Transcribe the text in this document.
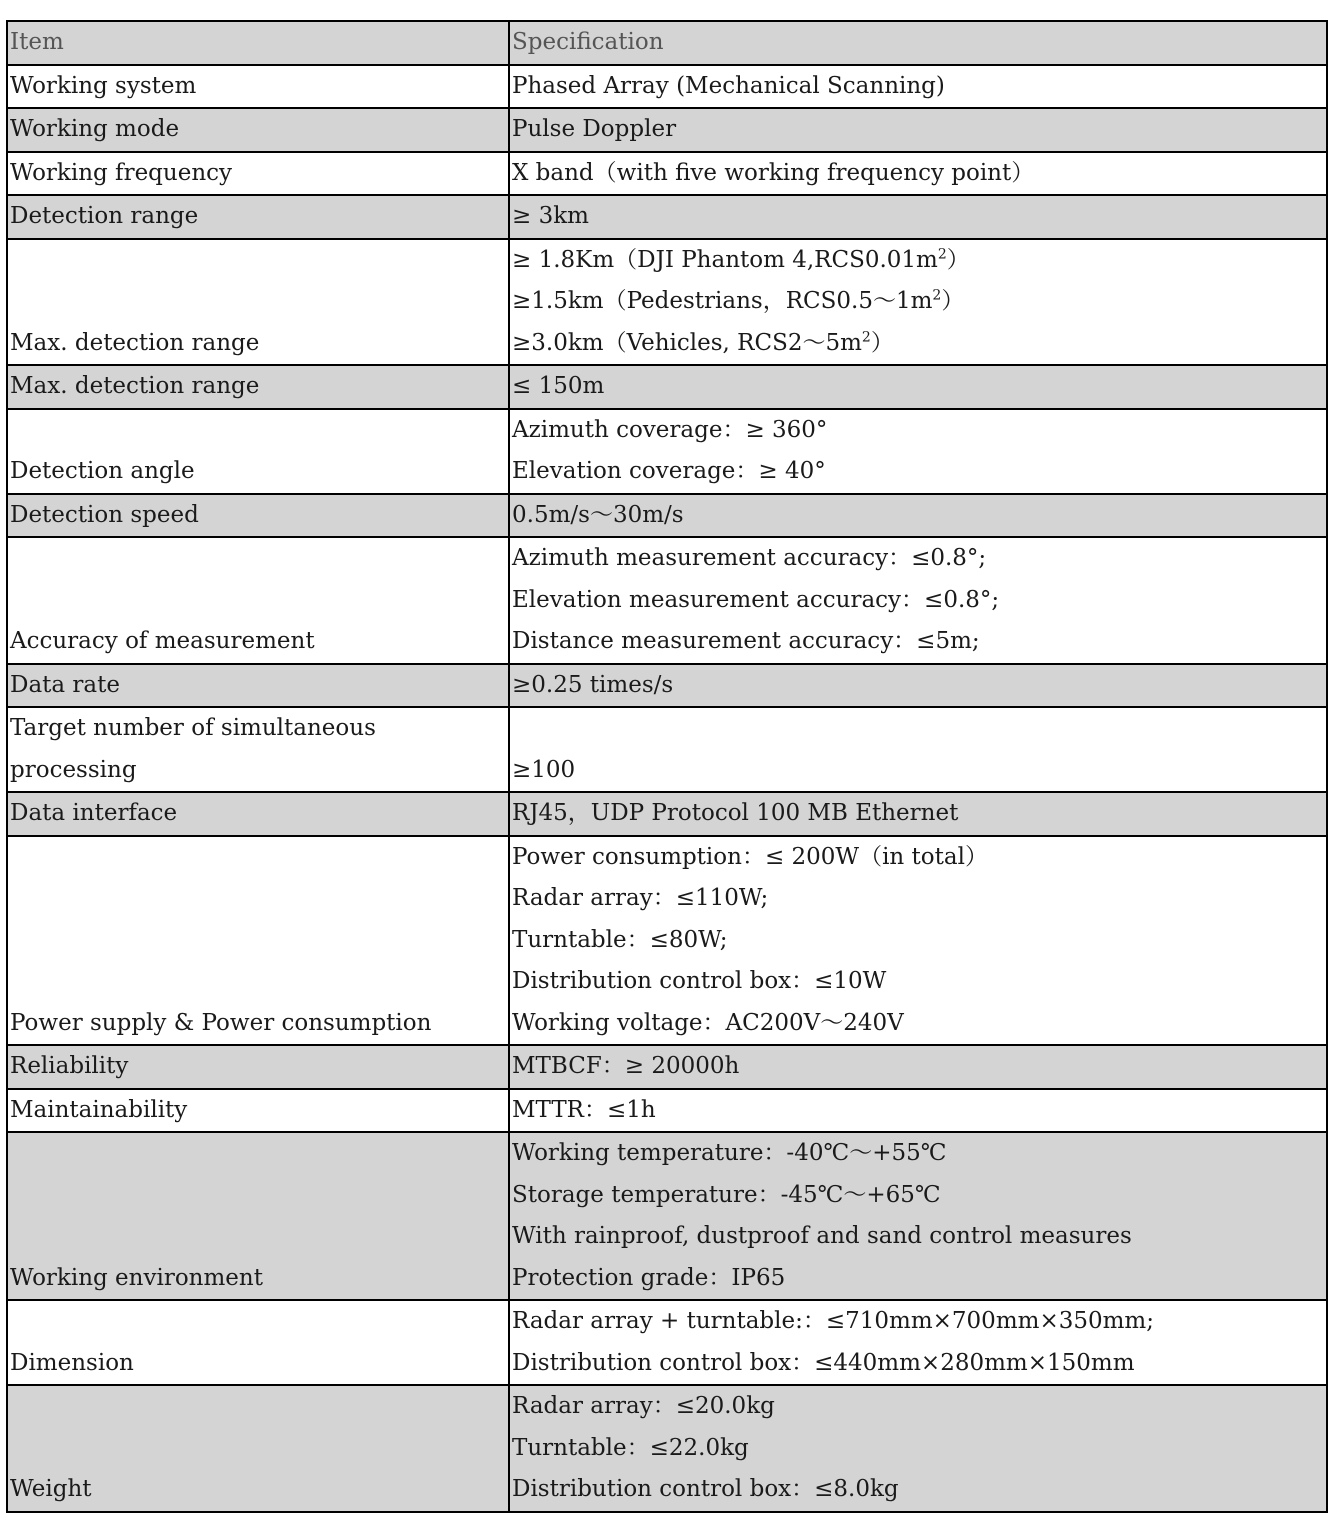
Item	Specification

Working system	Phased Array (Mechanical Scanning)

Working mode	Pulse Doppler

Working frequency	X band（with five working frequency point）

Detection range	≥ 3km

Max. detection range	≥ 1.8Km（DJI Phantom $4,RCS0.01m^2$）
≥1.5km（Pedestrians，$RCS0.5\sim 1m^2$）
≥3.0km（Vehicles, $RCS2\sim 5m^2$）

Max. detection range	≤ 150m

Detection angle	Azimuth coverage：≥ 360°
Elevation coverage：≥ 40°

Detection speed	0.5m/s～30m/s

Accuracy of measurement	Azimuth measurement accuracy：≤0.8°;
Elevation measurement accuracy：≤0.8°;
Distance measurement accuracy：≤5m;

Data rate	≥0.25 times/s

Target number of simultaneous processing	≥100

Data interface	RJ45，UDP Protocol 100 MB Ethernet

Power supply & Power consumption	Power consumption：≤ 200W（in total）
Radar array：≤110W;
Turntable：≤80W;
Distribution control box：≤10W
Working voltage：AC200V～240V

Reliability	MTBCF：≥ 20000h

Maintainability	MTTR：≤1h

Working environment	Working temperature：-40℃～+55℃
Storage temperature：-45℃～+65℃
With rainproof, dustproof and sand control measures
Protection grade：IP65

Dimension	Radar array + turntable:：≤710mm×700mm×350mm;
Distribution control box：≤440mm×280mm×150mm

Weight	Radar array：≤20.0kg
Turntable：≤22.0kg
Distribution control box：≤8.0kg
